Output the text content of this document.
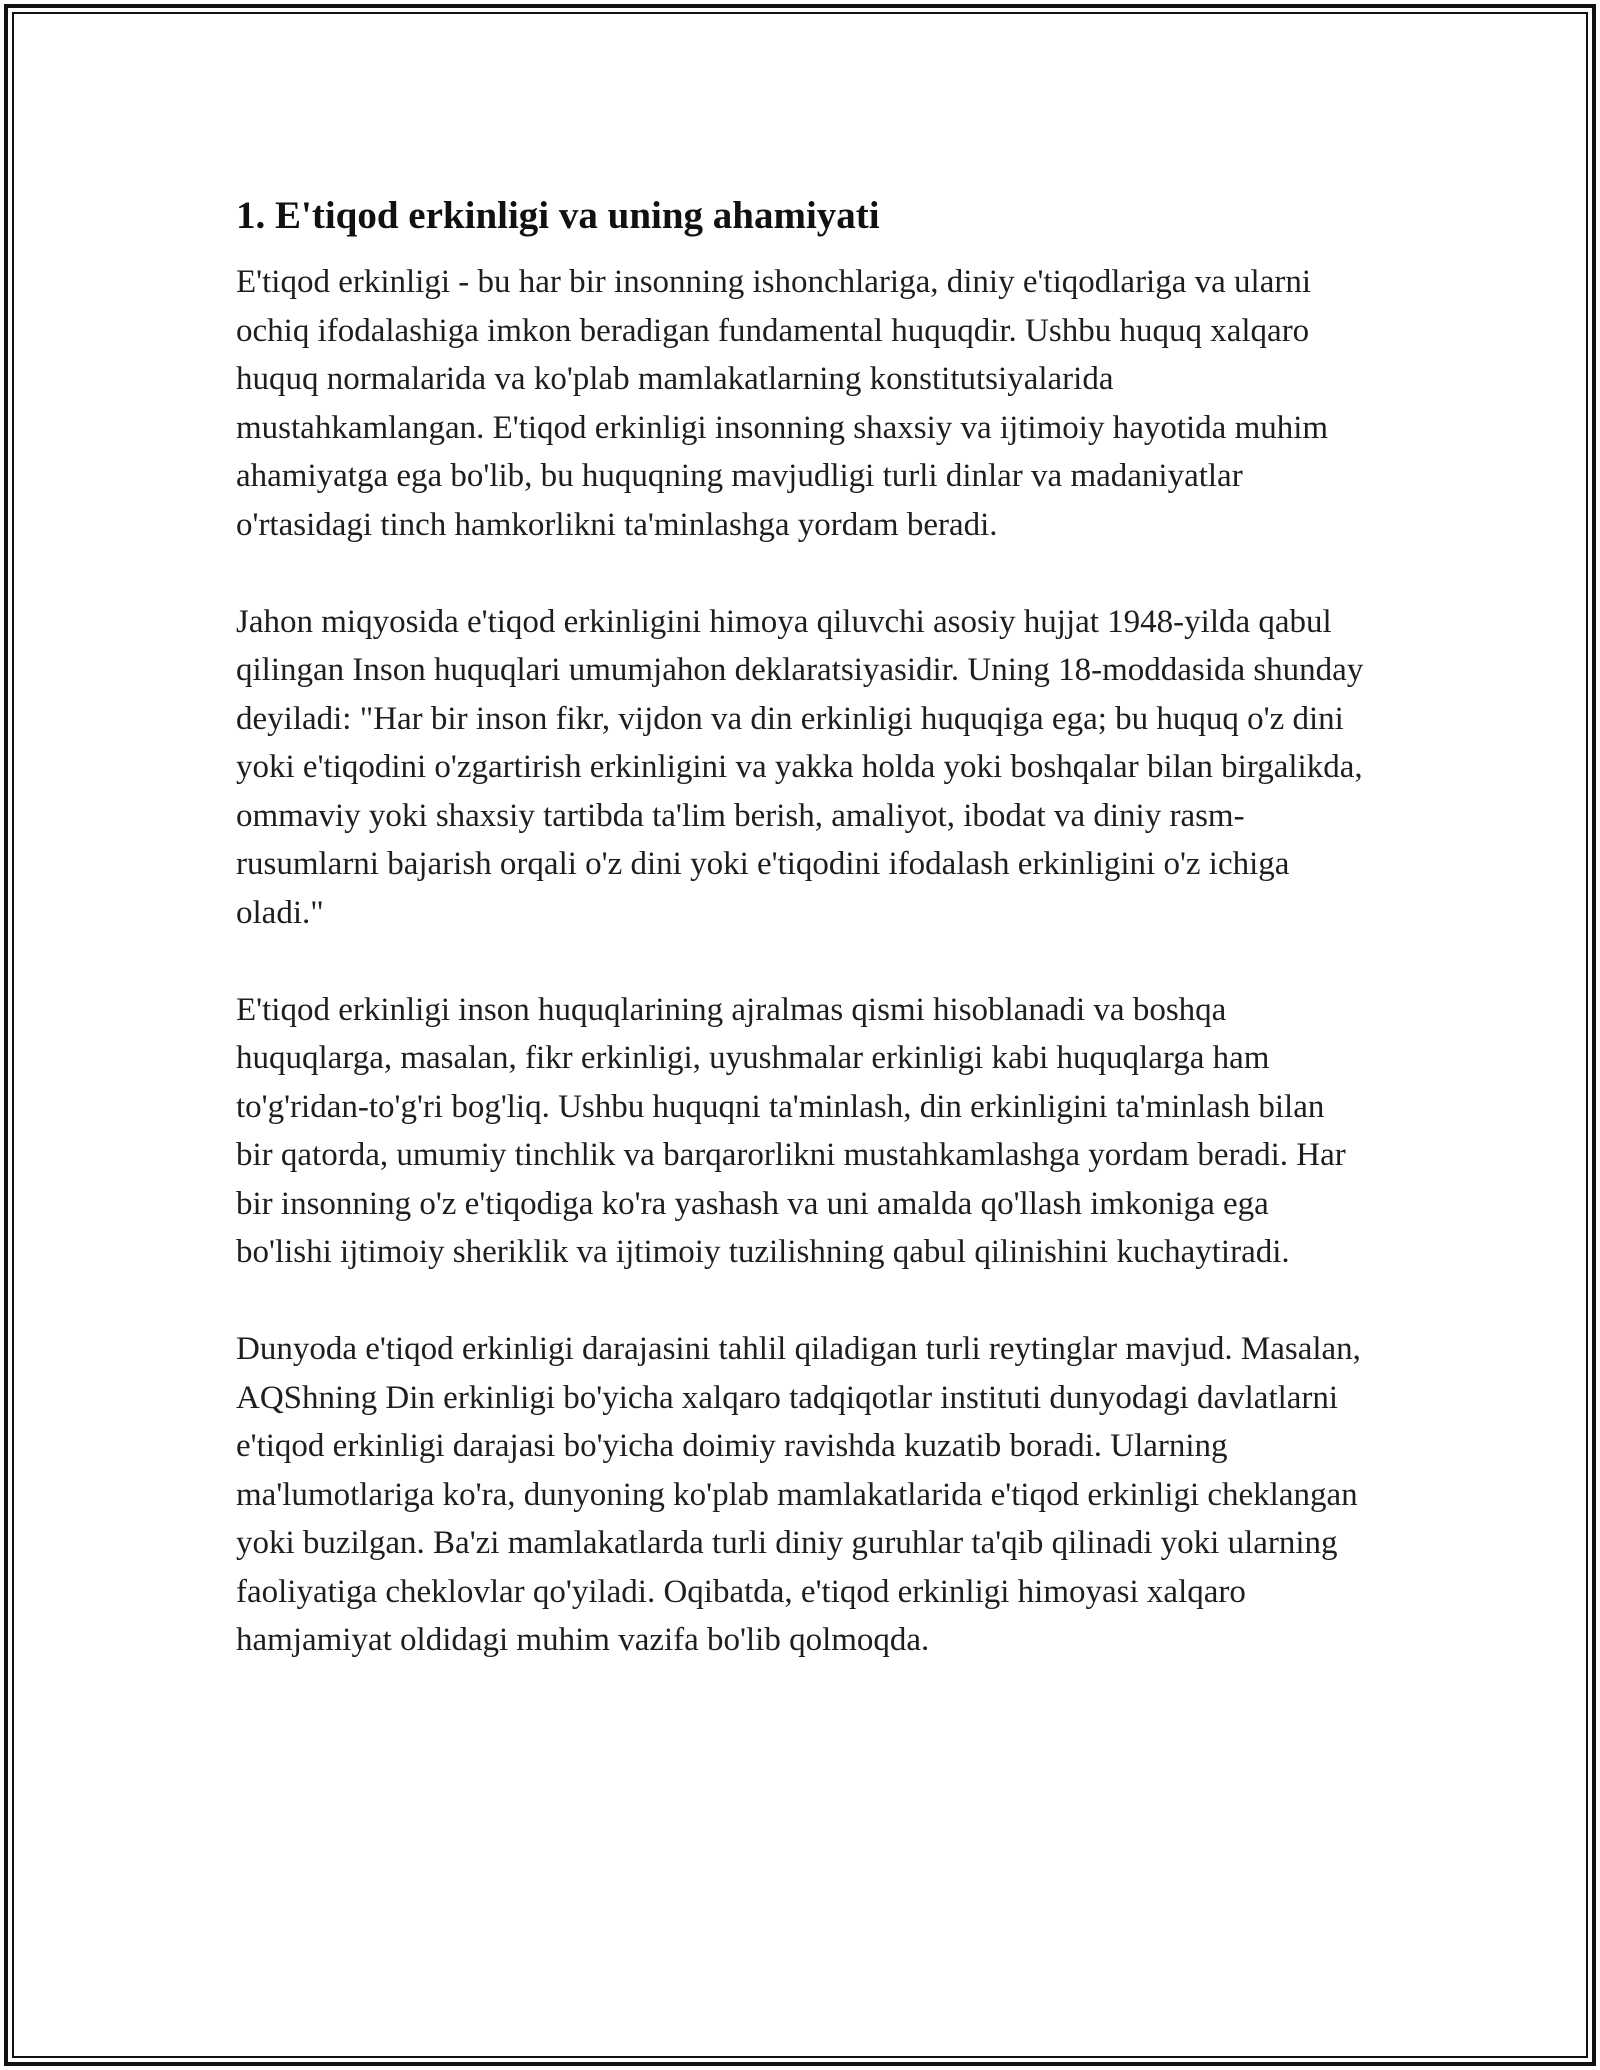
1. E'tiqod erkinligi va uning ahamiyati

E'tiqod erkinligi - bu har bir insonning ishonchlariga, diniy e'tiqodlariga va ularni ochiq ifodalashiga imkon beradigan fundamental huquqdir. Ushbu huquq xalqaro huquq normalarida va ko'plab mamlakatlarning konstitutsiyalarida mustahkamlangan. E'tiqod erkinligi insonning shaxsiy va ijtimoiy hayotida muhim ahamiyatga ega bo'lib, bu huquqning mavjudligi turli dinlar va madaniyatlar o'rtasidagi tinch hamkorlikni ta'minlashga yordam beradi.

Jahon miqyosida e'tiqod erkinligini himoya qiluvchi asosiy hujjat 1948-yilda qabul qilingan Inson huquqlari umumjahon deklaratsiyasidir. Uning 18-moddasida shunday deyiladi: "Har bir inson fikr, vijdon va din erkinligi huquqiga ega; bu huquq o'z dini yoki e'tiqodini o'zgartirish erkinligini va yakka holda yoki boshqalar bilan birgalikda, ommaviy yoki shaxsiy tartibda ta'lim berish, amaliyot, ibodat va diniy rasm-rusumlarni bajarish orqali o'z dini yoki e'tiqodini ifodalash erkinligini o'z ichiga oladi."

E'tiqod erkinligi inson huquqlarining ajralmas qismi hisoblanadi va boshqa huquqlarga, masalan, fikr erkinligi, uyushmalar erkinligi kabi huquqlarga ham to'g'ridan-to'g'ri bog'liq. Ushbu huquqni ta'minlash, din erkinligini ta'minlash bilan bir qatorda, umumiy tinchlik va barqarorlikni mustahkamlashga yordam beradi. Har bir insonning o'z e'tiqodiga ko'ra yashash va uni amalda qo'llash imkoniga ega bo'lishi ijtimoiy sheriklik va ijtimoiy tuzilishning qabul qilinishini kuchaytiradi.

Dunyoda e'tiqod erkinligi darajasini tahlil qiladigan turli reytinglar mavjud. Masalan, AQShning Din erkinligi bo'yicha xalqaro tadqiqotlar instituti dunyodagi davlatlarni e'tiqod erkinligi darajasi bo'yicha doimiy ravishda kuzatib boradi. Ularning ma'lumotlariga ko'ra, dunyoning ko'plab mamlakatlarida e'tiqod erkinligi cheklangan yoki buzilgan. Ba'zi mamlakatlarda turli diniy guruhlar ta'qib qilinadi yoki ularning faoliyatiga cheklovlar qo'yiladi. Oqibatda, e'tiqod erkinligi himoyasi xalqaro hamjamiyat oldidagi muhim vazifa bo'lib qolmoqda.
